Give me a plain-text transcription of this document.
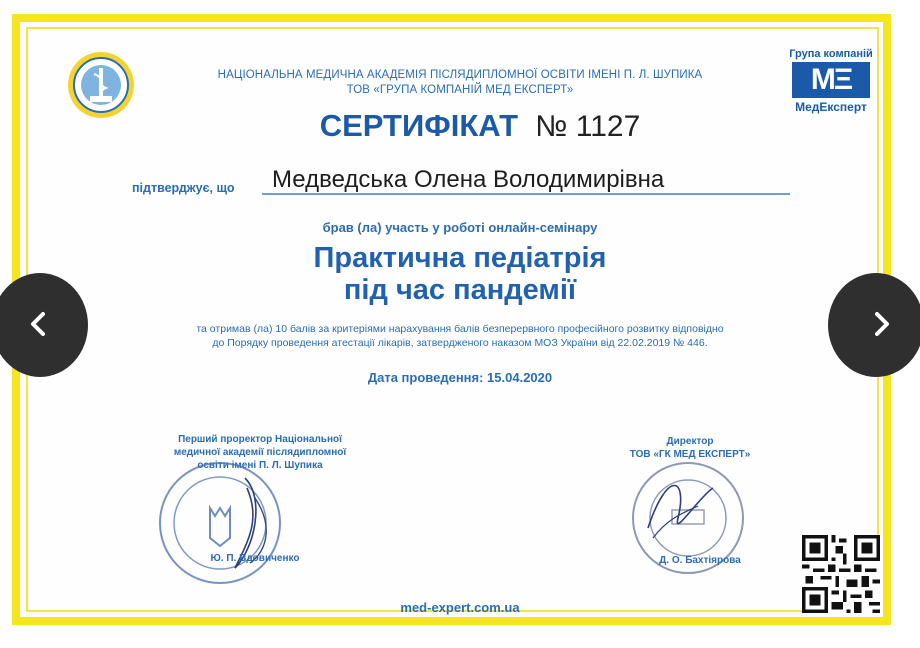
НАЦІОНАЛЬНА МЕДИЧНА АКАДЕМІЯ ПІСЛЯДИПЛОМНОЇ ОСВІТИ ІМЕНІ П. Л. ШУПИКА
ТОВ «ГРУПА КОМПАНІЙ МЕД ЕКСПЕРТ»
Група компаній
MΞ
МедЕксперт
СЕРТИФІКАТ № 1127
підтверджує, що Медведська Олена Володимирівна
брав (ла) участь у роботі онлайн-семінару
Практична педіатрія
під час пандемії
та отримав (ла) 10 балів за критеріями нарахування балів безперервного професійного розвитку відповідно
до Порядку проведення атестації лікарів, затвердженого наказом МОЗ України від 22.02.2019 № 446.
Дата проведення: 15.04.2020
Перший проректор Національної
медичної академії післядипломної
освіти імені П. Л. Шупика
Ю. П. Вдовиченко
Директор
ТОВ «ГК МЕД ЕКСПЕРТ»
Д. О. Бахтіярова
med-expert.com.ua
